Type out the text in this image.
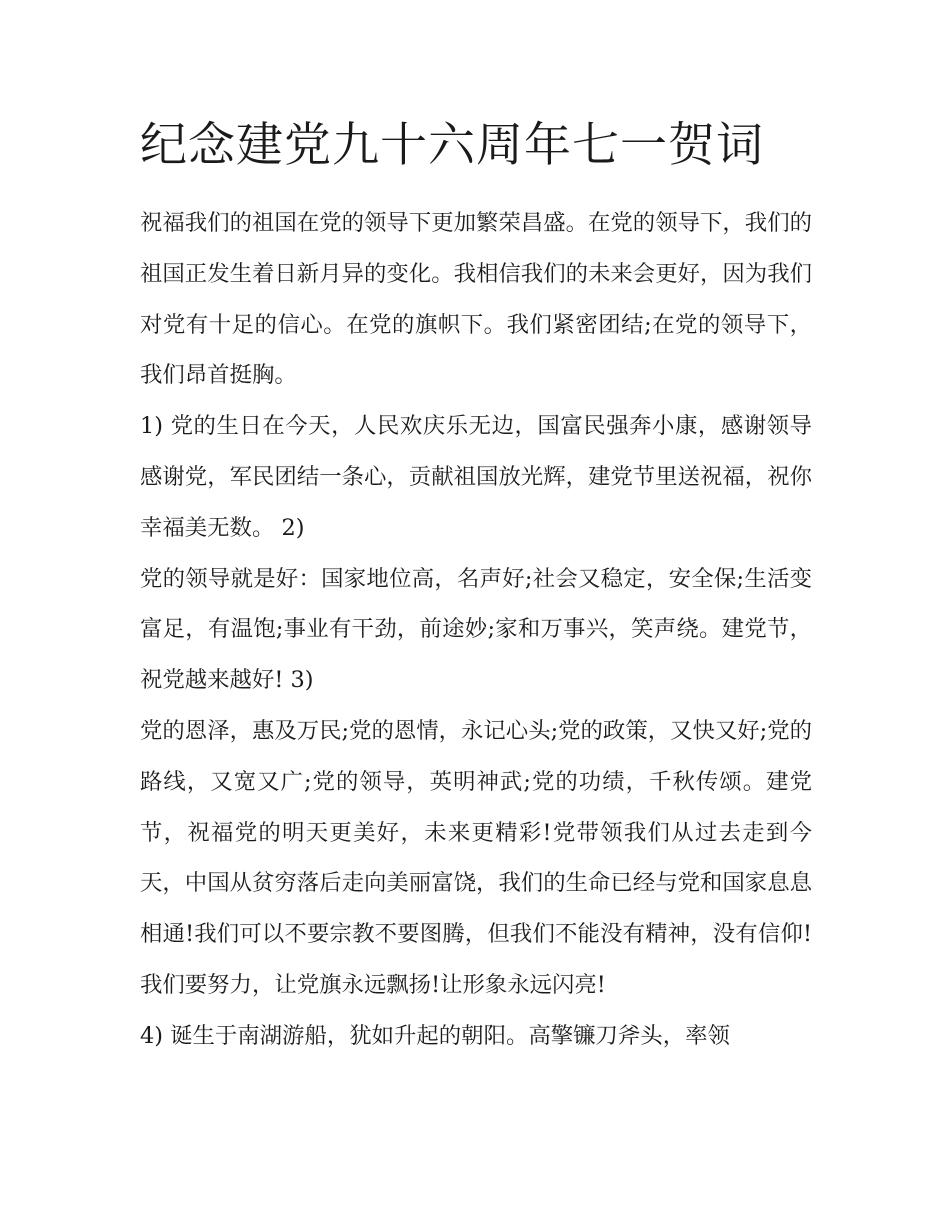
纪念建党九十六周年七一贺词

祝福我们的祖国在党的领导下更加繁荣昌盛。在党的领导下，我们的祖国正发生着日新月异的变化。我相信我们的未来会更好，因为我们对党有十足的信心。在党的旗帜下。我们紧密团结;在党的领导下，我们昂首挺胸。

1) 党的生日在今天，人民欢庆乐无边，国富民强奔小康，感谢领导感谢党，军民团结一条心，贡献祖国放光辉，建党节里送祝福，祝你幸福美无数。 2)

党的领导就是好：国家地位高，名声好;社会又稳定，安全保;生活变富足，有温饱;事业有干劲，前途妙;家和万事兴，笑声绕。建党节，祝党越来越好! 3)

党的恩泽，惠及万民;党的恩情，永记心头;党的政策，又快又好;党的路线，又宽又广;党的领导，英明神武;党的功绩，千秋传颂。建党节，祝福党的明天更美好，未来更精彩!党带领我们从过去走到今天，中国从贫穷落后走向美丽富饶，我们的生命已经与党和国家息息相通!我们可以不要宗教不要图腾，但我们不能没有精神，没有信仰!我们要努力，让党旗永远飘扬!让形象永远闪亮!

4) 诞生于南湖游船，犹如升起的朝阳。高擎镰刀斧头，率领
